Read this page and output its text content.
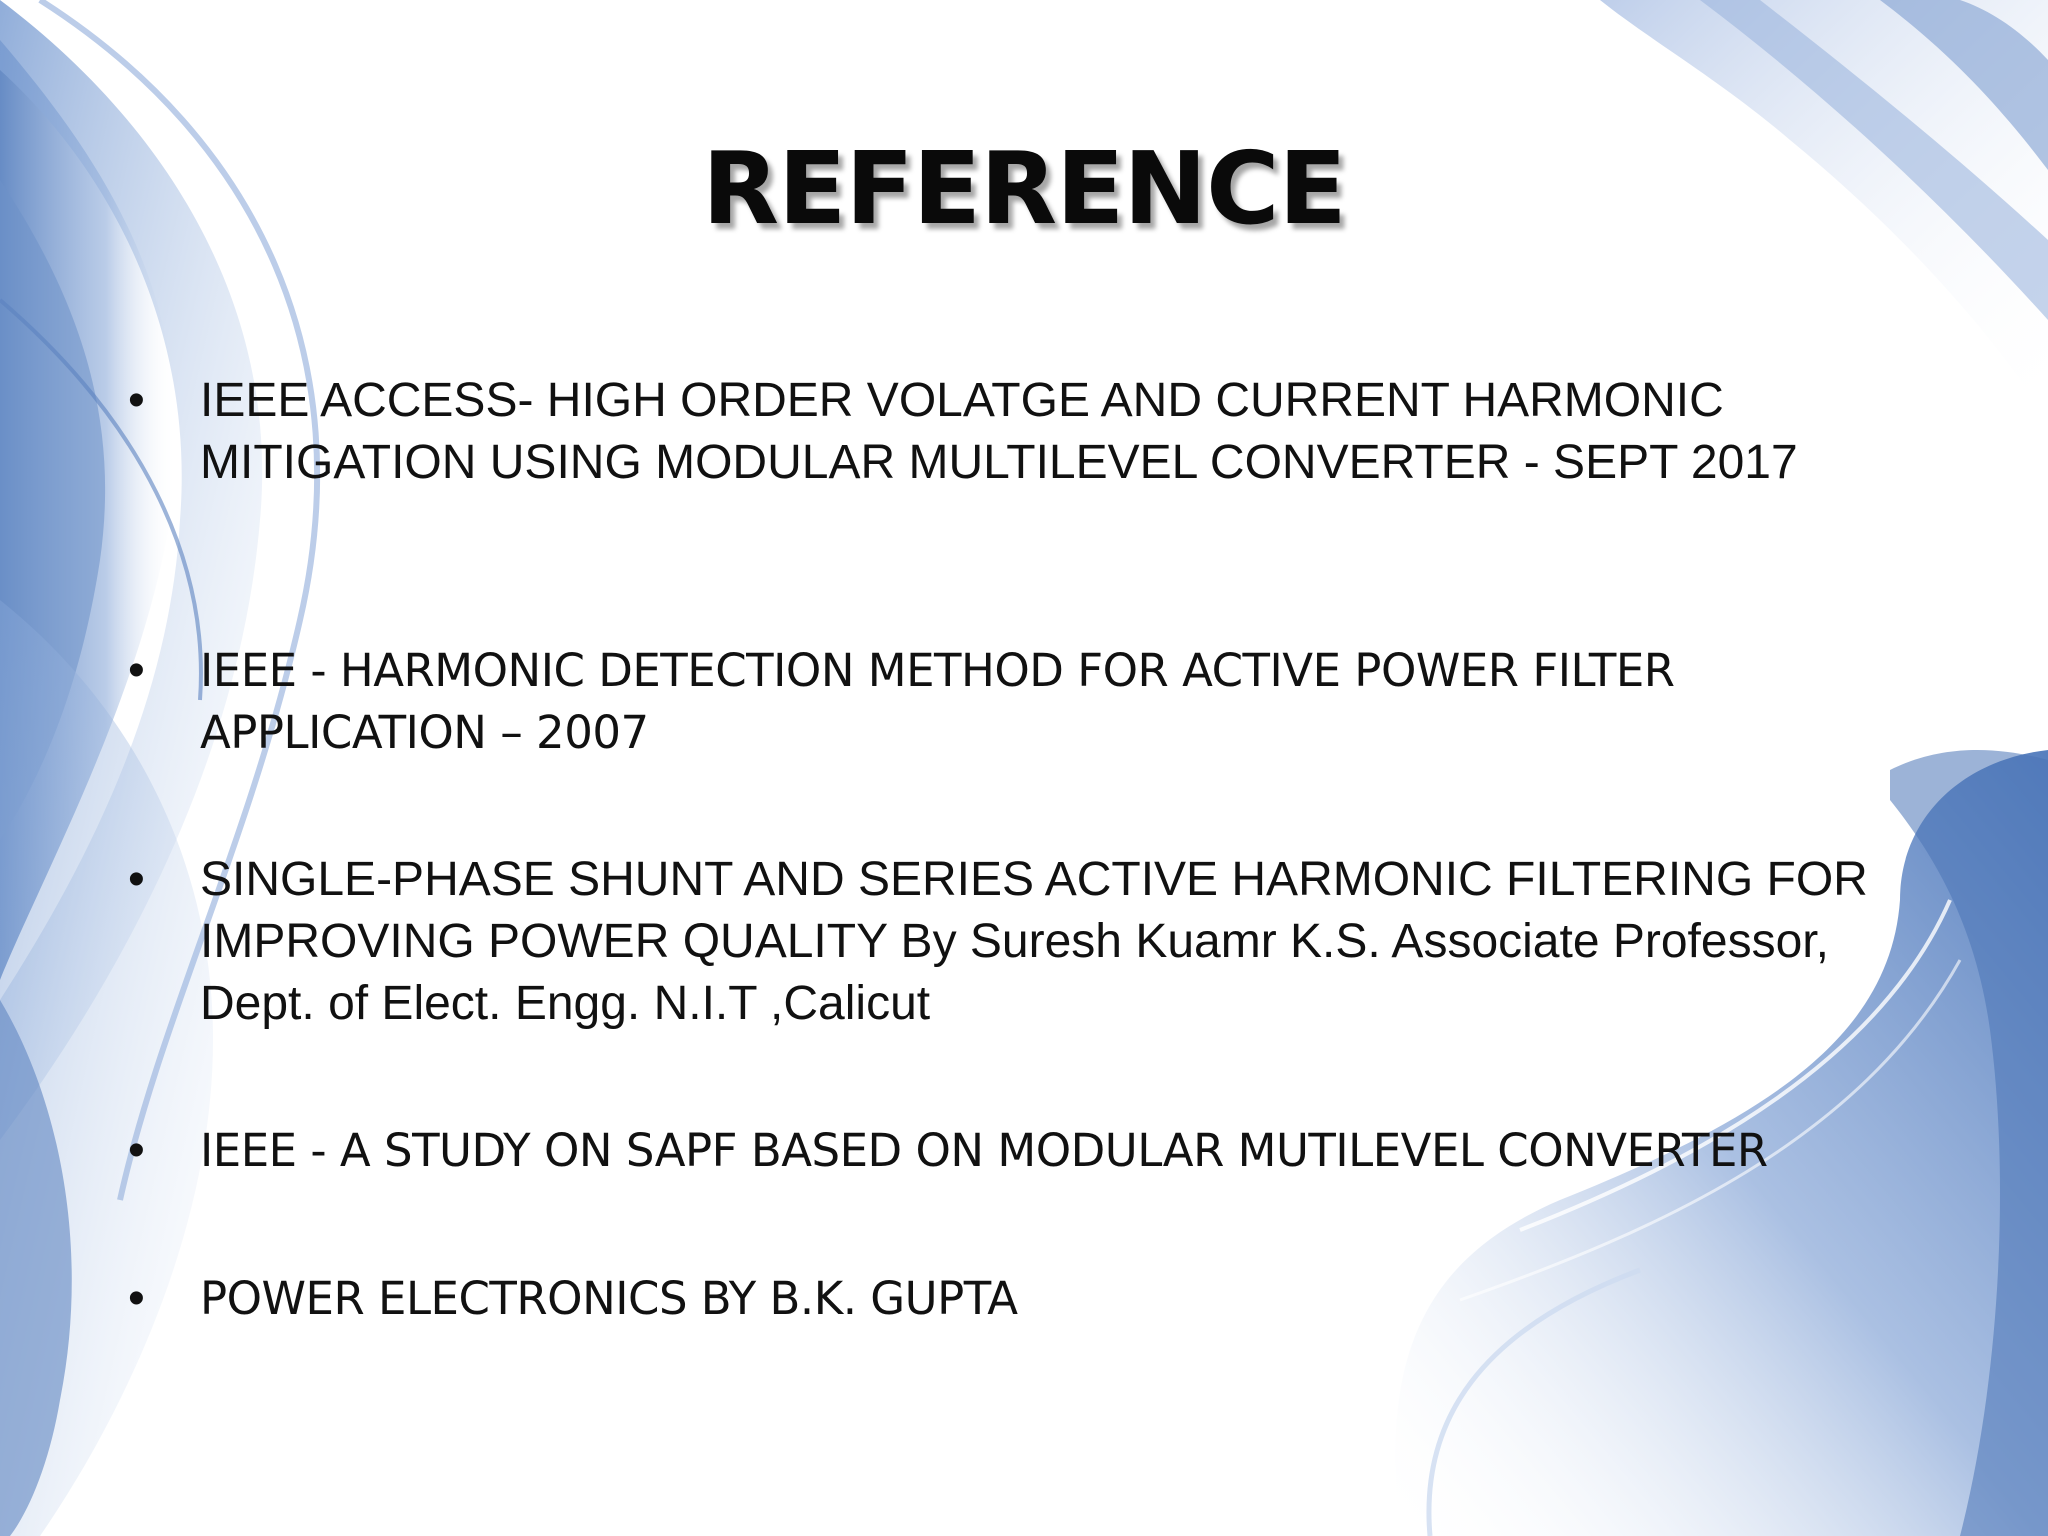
REFERENCE
• IEEE ACCESS- HIGH ORDER VOLATGE AND CURRENT HARMONIC MITIGATION USING MODULAR MULTILEVEL CONVERTER - SEPT 2017
•	IEEE - HARMONIC DETECTION METHOD FOR ACTIVE POWER FILTER APPLICATION – 2007
• SINGLE-PHASE SHUNT AND SERIES ACTIVE HARMONIC FILTERING FOR IMPROVING POWER QUALITY By Suresh Kuamr K.S. Associate Professor, Dept. of Elect. Engg. N.I.T ,Calicut
•	IEEE - A STUDY ON SAPF BASED ON MODULAR MUTILEVEL CONVERTER
•	POWER ELECTRONICS BY B.K. GUPTA
